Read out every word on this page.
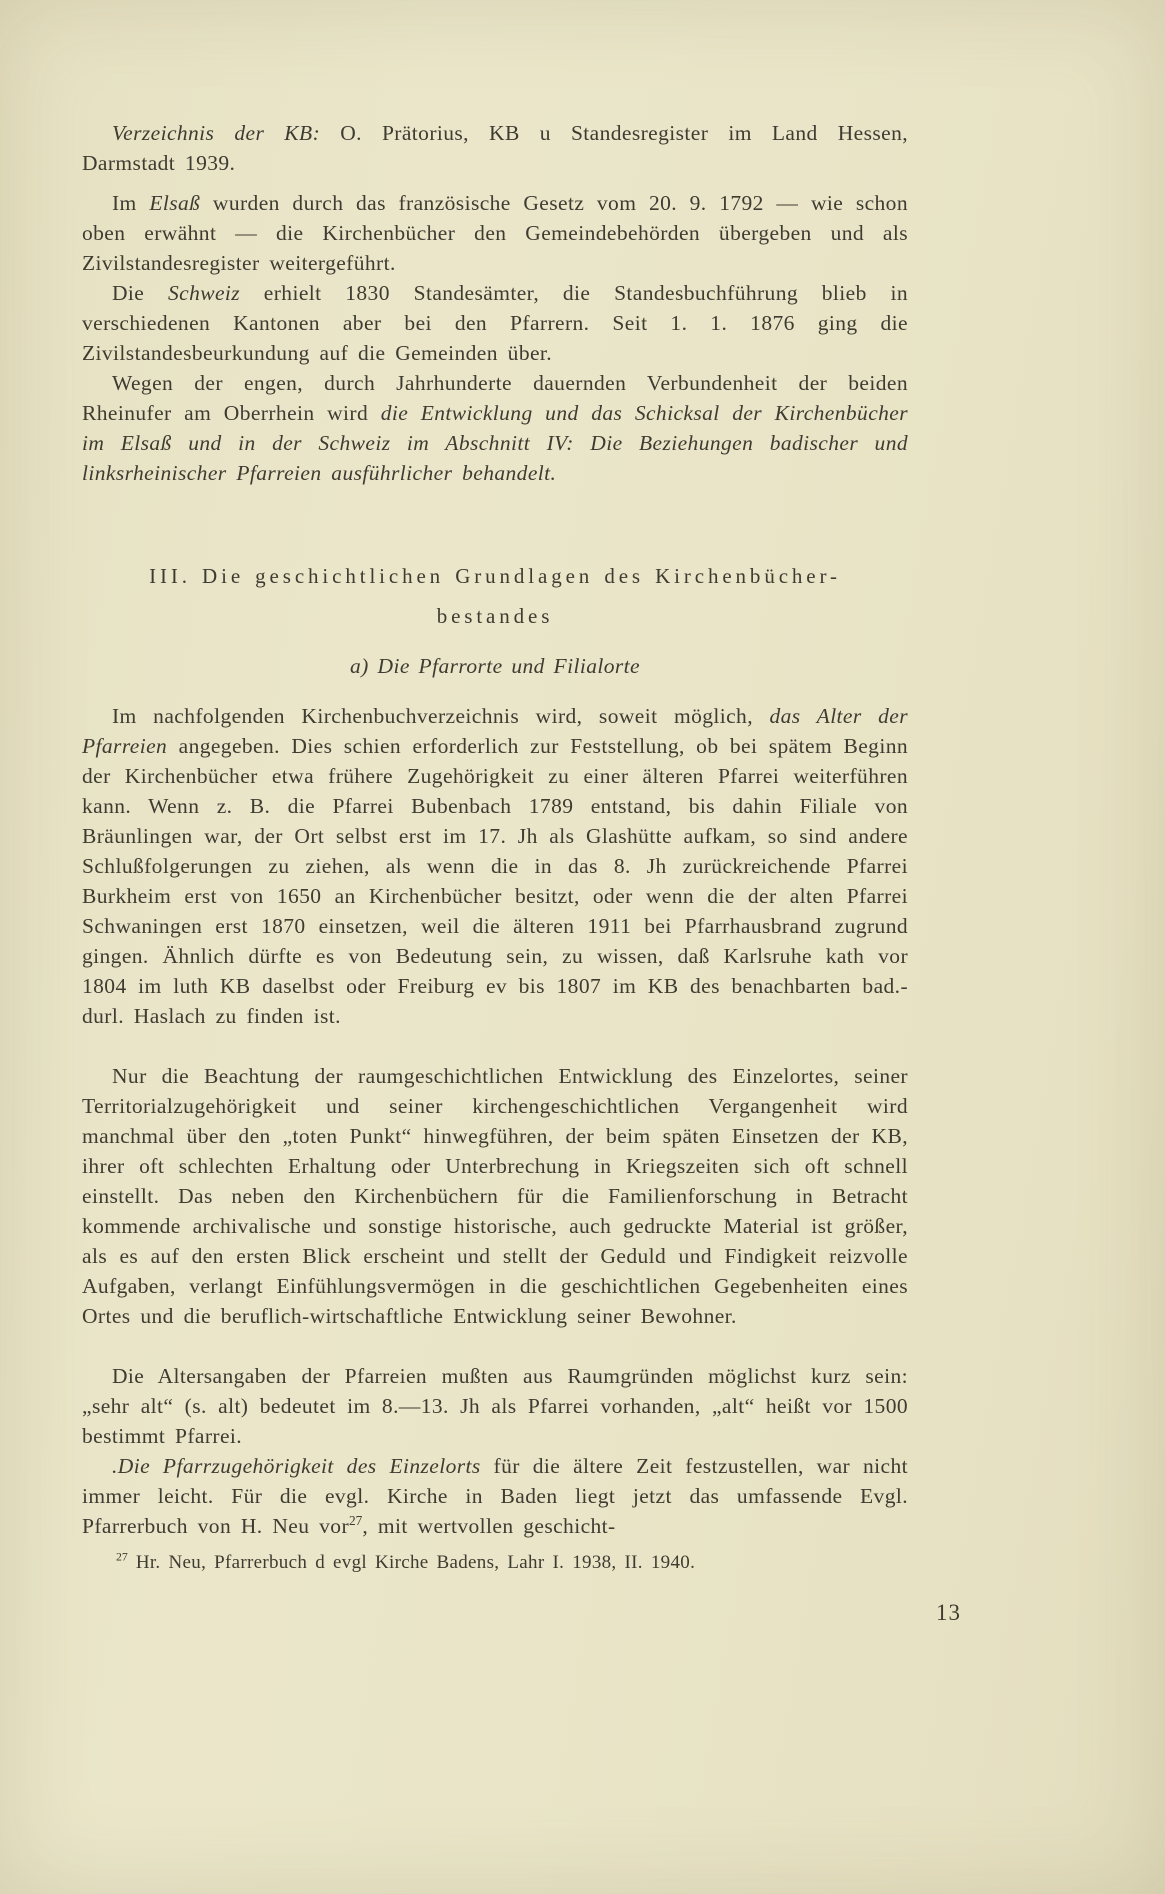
Verzeichnis der KB: O. Prätorius, KB u Standesregister im Land Hessen, Darmstadt 1939.

Im Elsaß wurden durch das französische Gesetz vom 20. 9. 1792 — wie schon oben erwähnt — die Kirchenbücher den Gemeindebehörden übergeben und als Zivilstandesregister weitergeführt.

Die Schweiz erhielt 1830 Standesämter, die Standesbuchführung blieb in verschiedenen Kantonen aber bei den Pfarrern. Seit 1. 1. 1876 ging die Zivilstandesbeurkundung auf die Gemeinden über.

Wegen der engen, durch Jahrhunderte dauernden Verbundenheit der beiden Rheinufer am Oberrhein wird die Entwicklung und das Schicksal der Kirchenbücher im Elsaß und in der Schweiz im Abschnitt IV: Die Beziehungen badischer und linksrheinischer Pfarreien ausführlicher behandelt.

III. Die geschichtlichen Grundlagen des Kirchenbücher-
bestandes
a) Die Pfarrorte und Filialorte

Im nachfolgenden Kirchenbuchverzeichnis wird, soweit möglich, das Alter der Pfarreien angegeben. Dies schien erforderlich zur Feststellung, ob bei spätem Beginn der Kirchenbücher etwa frühere Zugehörigkeit zu einer älteren Pfarrei weiterführen kann. Wenn z. B. die Pfarrei Bubenbach 1789 entstand, bis dahin Filiale von Bräunlingen war, der Ort selbst erst im 17. Jh als Glashütte aufkam, so sind andere Schlußfolgerungen zu ziehen, als wenn die in das 8. Jh zurückreichende Pfarrei Burkheim erst von 1650 an Kirchenbücher besitzt, oder wenn die der alten Pfarrei Schwaningen erst 1870 einsetzen, weil die älteren 1911 bei Pfarrhausbrand zugrund gingen. Ähnlich dürfte es von Bedeutung sein, zu wissen, daß Karlsruhe kath vor 1804 im luth KB daselbst oder Freiburg ev bis 1807 im KB des benachbarten bad.-durl. Haslach zu finden ist.

Nur die Beachtung der raumgeschichtlichen Entwicklung des Einzelortes, seiner Territorialzugehörigkeit und seiner kirchengeschichtlichen Vergangenheit wird manchmal über den „toten Punkt“ hinwegführen, der beim späten Einsetzen der KB, ihrer oft schlechten Erhaltung oder Unterbrechung in Kriegszeiten sich oft schnell einstellt. Das neben den Kirchenbüchern für die Familienforschung in Betracht kommende archivalische und sonstige historische, auch gedruckte Material ist größer, als es auf den ersten Blick erscheint und stellt der Geduld und Findigkeit reizvolle Aufgaben, verlangt Einfühlungsvermögen in die geschichtlichen Gegebenheiten eines Ortes und die beruflich-wirtschaftliche Entwicklung seiner Bewohner.

Die Altersangaben der Pfarreien mußten aus Raumgründen möglichst kurz sein: „sehr alt“ (s. alt) bedeutet im 8.—13. Jh als Pfarrei vorhanden, „alt“ heißt vor 1500 bestimmt Pfarrei.

.Die Pfarrzugehörigkeit des Einzelorts für die ältere Zeit festzustellen, war nicht immer leicht. Für die evgl. Kirche in Baden liegt jetzt das umfassende Evgl. Pfarrerbuch von H. Neu vor$^{27}$, mit wertvollen geschicht-

$^{27}$ Hr. Neu, Pfarrerbuch d evgl Kirche Badens, Lahr I. 1938, II. 1940.

13
